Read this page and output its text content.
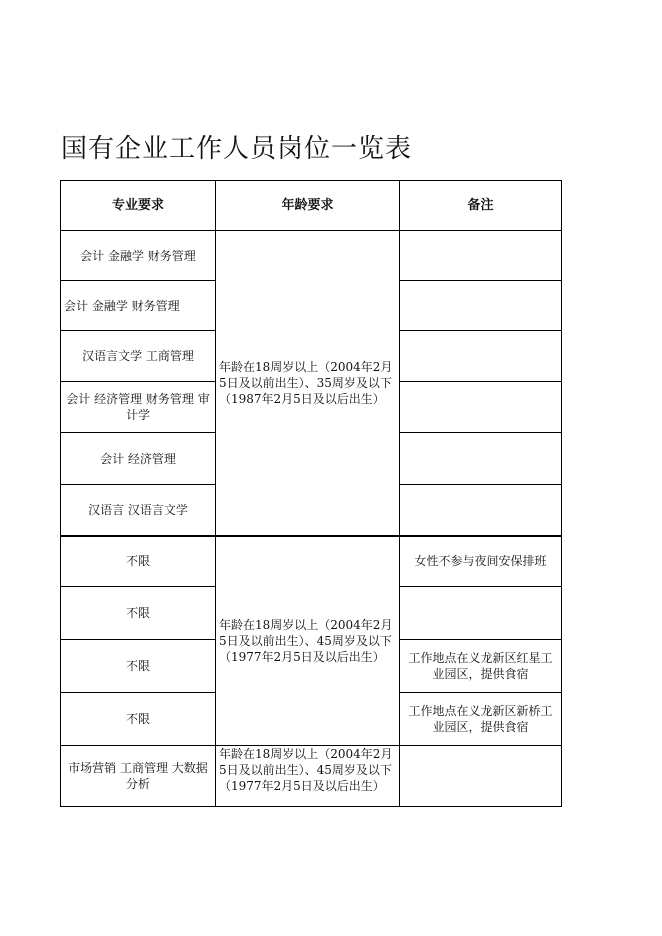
国有企业工作人员岗位一览表
专业要求	年龄要求	备注
会计 金融学 财务管理	年龄在18周岁以上（2004年2月5日及以前出生）、35周岁及以下（1987年2月5日及以后出生）	
会计 金融学 财务管理		
汉语言文学 工商管理		
会计 经济管理 财务管理 审计学		
会计 经济管理		
汉语言 汉语言文学		
不限	年龄在18周岁以上（2004年2月5日及以前出生）、45周岁及以下（1977年2月5日及以后出生）	女性不参与夜间安保排班
不限		
不限		工作地点在义龙新区红星工业园区，提供食宿
不限		工作地点在义龙新区新桥工业园区，提供食宿
市场营销 工商管理 大数据分析	年龄在18周岁以上（2004年2月5日及以前出生）、45周岁及以下（1977年2月5日及以后出生）	
